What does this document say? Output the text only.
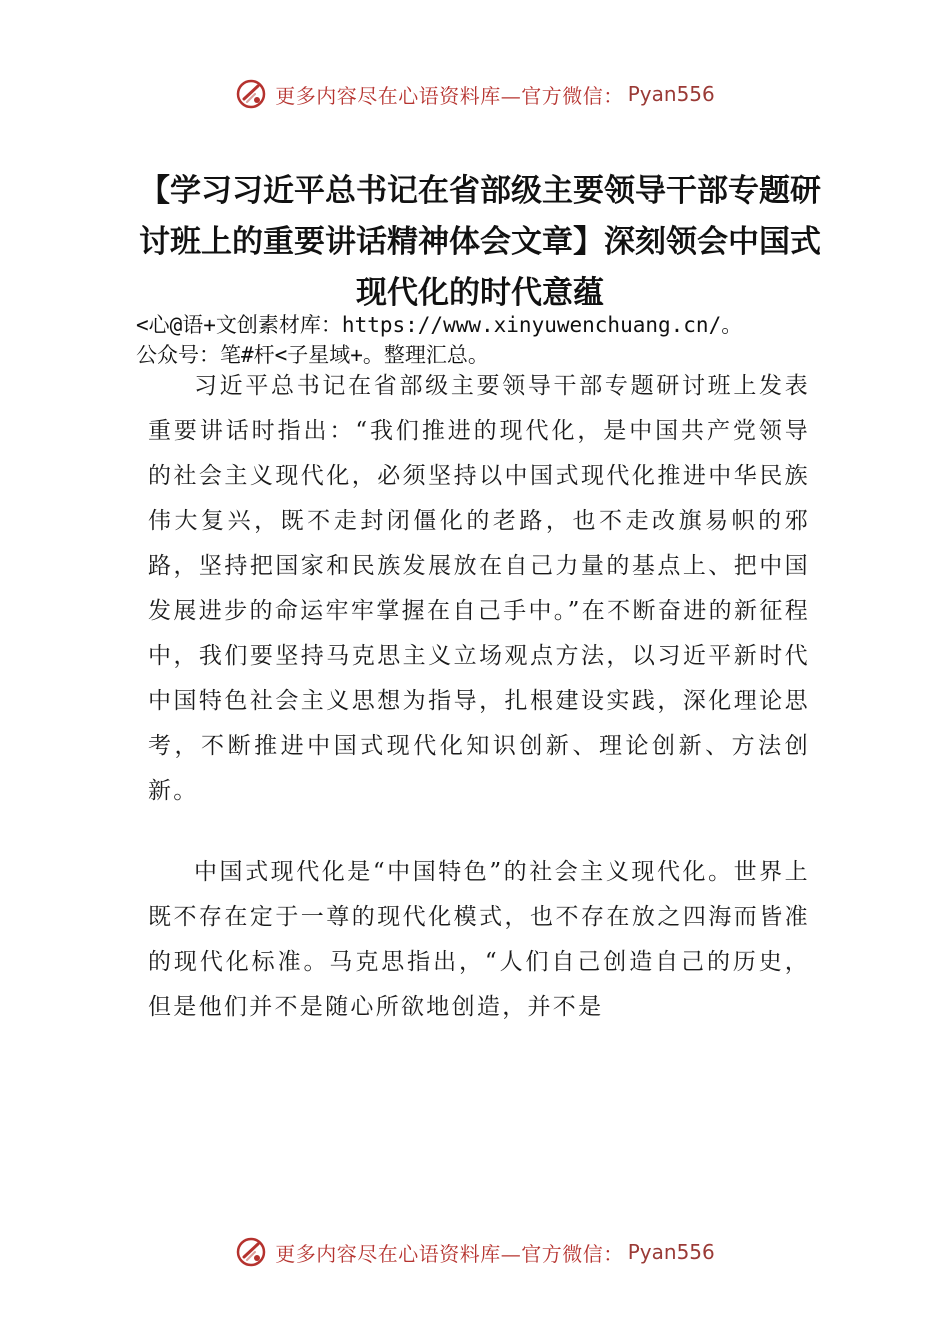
更多内容尽在心语资料库—官方微信： Pyan556
【学习习近平总书记在省部级主要领导干部专题研讨班上的重要讲话精神体会文章】深刻领会中国式现代化的时代意蕴
<心@语+文创素材库：https://www.xinyuwenchuang.cn/。
公众号：笔#杆<子星域+。整理汇总。

习近平总书记在省部级主要领导干部专题研讨班上发表重要讲话时指出：“我们推进的现代化，是中国共产党领导的社会主义现代化，必须坚持以中国式现代化推进中华民族伟大复兴，既不走封闭僵化的老路，也不走改旗易帜的邪路，坚持把国家和民族发展放在自己力量的基点上、把中国发展进步的命运牢牢掌握在自己手中。”在不断奋进的新征程中，我们要坚持马克思主义立场观点方法，以习近平新时代中国特色社会主义思想为指导，扎根建设实践，深化理论思考，不断推进中国式现代化知识创新、理论创新、方法创新。

中国式现代化是“中国特色”的社会主义现代化。世界上既不存在定于一尊的现代化模式，也不存在放之四海而皆准的现代化标准。马克思指出，“人们自己创造自己的历史，但是他们并不是随心所欲地创造，并不是

更多内容尽在心语资料库—官方微信： Pyan556
